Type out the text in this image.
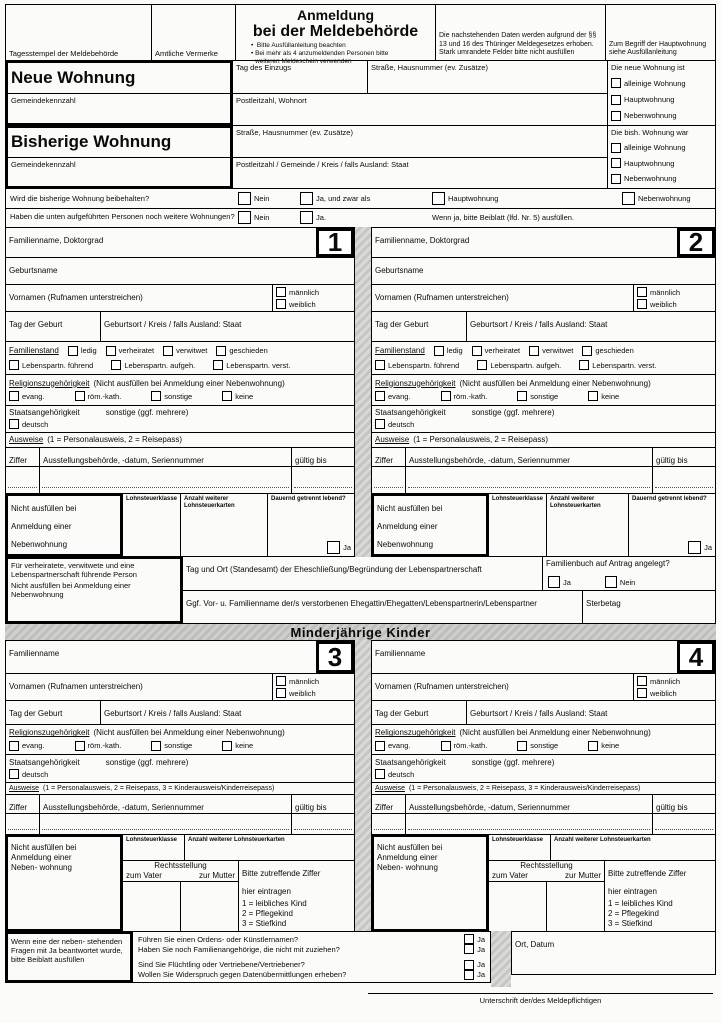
Tagesstempel der Meldebehörde	Amtliche Vermerke
Anmeldung
bei der Meldebehörde
•  Bitte Ausfüllanleitung beachten
• Bei mehr als 4 anzumeldenden Personen bitte weiteren Meldeschein verwenden
Die nachstehenden Daten werden aufgrund der §§ 13 und 16 des Thüringer Meldegesetzes erhoben.
Stark umrandete Felder bitte nicht ausfüllen
Zum Begriff der Hauptwohnung siehe Ausfüllanleitung
Neue Wohnung
Gemeindekennzahl
Tag des Einzugs	Straße, Hausnummer (ev. Zusätze)
Postleitzahl, Wohnort
Die neue Wohnung ist
alleinige Wohnung
Hauptwohnung
Nebenwohnung
Bisherige Wohnung
Gemeindekennzahl
Straße, Hausnummer (ev. Zusätze)
Postleitzahl / Gemeinde / Kreis / falls Ausland: Staat
Die bish. Wohnung war
alleinige Wohnung
Hauptwohnung
Nebenwohnung
Wird die bisherige Wohnung beibehalten?	Nein	Ja, und zwar als	Hauptwohnung	Nebenwohnung
Haben die unten aufgeführten Personen noch weitere Wohnungen?	Nein	Ja.	Wenn ja, bitte Beiblatt (lfd. Nr. 5) ausfüllen.
Familienname, Doktorgrad	1
Geburtsname
Vornamen (Rufnamen unterstreichen)
männlich
weiblich
Tag der Geburt	Geburtsort / Kreis / falls Ausland: Staat
Familienstand	ledig	verheiratet	verwitwet	geschieden
Lebenspartn. führend	Lebenspartn. aufgeh.	Lebenspartn. verst.
Religionszugehörigkeit (Nicht ausfüllen bei Anmeldung einer Nebenwohnung)
evang.	röm.-kath.	sonstige	keine
Staatsangehörigkeit	sonstige (ggf. mehrere)
deutsch
Ausweise (1 = Personalausweis, 2 = Reisepass)
Ziffer	Ausstellungsbehörde, -datum, Seriennummer	gültig bis
Nicht ausfüllen bei Anmeldung einer Nebenwohnung
Lohnsteuerklasse Anzahl weiterer Lohnsteuerkarten
Dauernd getrennt lebend?
Ja
Familienname, Doktorgrad	2
Geburtsname
Vornamen (Rufnamen unterstreichen)
männlich
weiblich
Tag der Geburt	Geburtsort / Kreis / falls Ausland: Staat
Familienstand	ledig	verheiratet	verwitwet	geschieden
Lebenspartn. führend	Lebenspartn. aufgeh.	Lebenspartn. verst.
Religionszugehörigkeit (Nicht ausfüllen bei Anmeldung einer Nebenwohnung)
evang.	röm.-kath.	sonstige	keine
Staatsangehörigkeit	sonstige (ggf. mehrere)
deutsch
Ausweise (1 = Personalausweis, 2 = Reisepass)
Ziffer	Ausstellungsbehörde, -datum, Seriennummer	gültig bis
Nicht ausfüllen bei Anmeldung einer Nebenwohnung
Lohnsteuerklasse Anzahl weiterer Lohnsteuerkarten
Dauernd getrennt lebend?
Ja
Für verheiratete, verwitwete und eine Lebenspartnerschaft führende Person
Nicht ausfüllen bei Anmeldung einer Nebenwohnung
Tag und Ort (Standesamt) der Eheschließung/Begründung der Lebenspartnerschaft
Familienbuch auf Antrag angelegt?
Ja	Nein
Ggf. Vor- u. Familienname der/s verstorbenen Ehegattin/Ehegatten/Lebenspartnerin/Lebenspartner	Sterbetag
Minderjährige Kinder
Familienname	3
Vornamen (Rufnamen unterstreichen)
männlich
weiblich
Tag der Geburt	Geburtsort / Kreis / falls Ausland: Staat
Religionszugehörigkeit (Nicht ausfüllen bei Anmeldung einer Nebenwohnung)
evang.	röm.-kath.	sonstige	keine
Staatsangehörigkeit	sonstige (ggf. mehrere)
deutsch
Ausweise (1 = Personalausweis, 2 = Reisepass, 3 = Kinderausweis/Kinderreisepass)
Ziffer	Ausstellungsbehörde, -datum, Seriennummer	gültig bis
Nicht ausfüllen bei Anmeldung einer Neben- wohnung
Lohnsteuerklasse	Anzahl weiterer Lohnsteuerkarten
Rechtsstellung
zum Vater	zur Mutter Bitte zutreffende Ziffer
hier eintragen
1 = leibliches Kind
2 = Pflegekind
3 = Stiefkind
Familienname	4
Vornamen (Rufnamen unterstreichen)
männlich
weiblich
Tag der Geburt	Geburtsort / Kreis / falls Ausland: Staat
Religionszugehörigkeit (Nicht ausfüllen bei Anmeldung einer Nebenwohnung)
evang.	röm.-kath.	sonstige	keine
Staatsangehörigkeit	sonstige (ggf. mehrere)
deutsch
Ausweise (1 = Personalausweis, 2 = Reisepass, 3 = Kinderausweis/Kinderreisepass)
Ziffer	Ausstellungsbehörde, -datum, Seriennummer	gültig bis
Nicht ausfüllen bei Anmeldung einer Neben- wohnung
Lohnsteuerklasse	Anzahl weiterer Lohnsteuerkarten
Rechtsstellung
zum Vater	zur Mutter Bitte zutreffende Ziffer
hier eintragen
1 = leibliches Kind
2 = Pflegekind
3 = Stiefkind
Wenn eine der neben- stehenden Fragen mit Ja beantwortet wurde, bitte Beiblatt ausfüllen
Führen Sie einen Ordens- oder Künstlernamen?	Ja
Haben Sie noch Familienangehörige, die nicht mit zuziehen?	Ja
Sind Sie Flüchtling oder Vertriebene/Vertriebener?	Ja
Wollen Sie Widerspruch gegen Datenübermittlungen erheben?	Ja
Ort, Datum
Unterschrift der/des Meldepflichtigen
